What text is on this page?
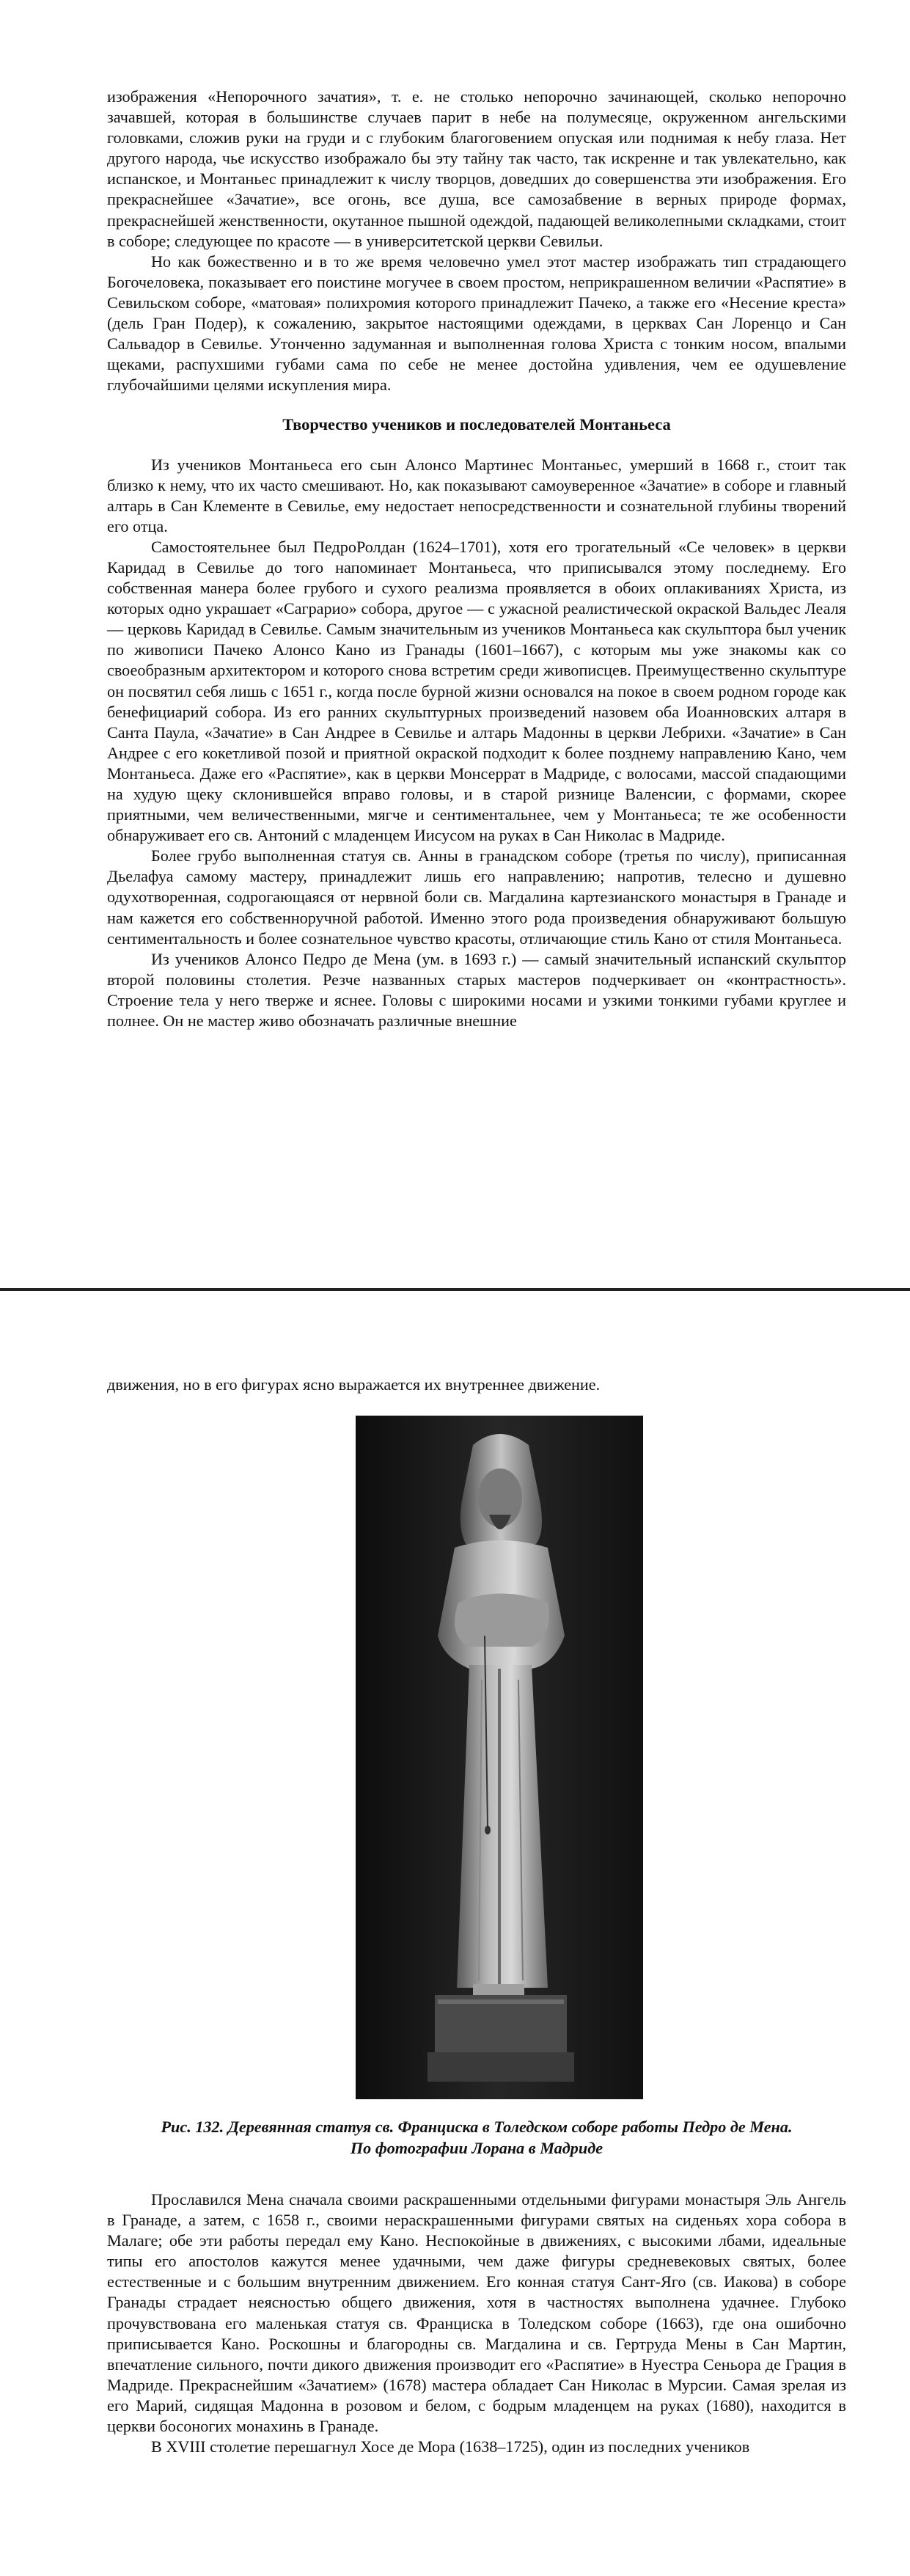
изображения «Непорочного зачатия», т. е. не столько непорочно зачинающей, сколько непорочно зачавшей, которая в большинстве случаев парит в небе на полумесяце, окруженном ангельскими головками, сложив руки на груди и с глубоким благоговением опуская или поднимая к небу глаза. Нет другого народа, чье искусство изображало бы эту тайну так часто, так искренне и так увлекательно, как испанское, и Монтаньес принадлежит к числу творцов, доведших до совершенства эти изображения. Его прекраснейшее «Зачатие», все огонь, все душа, все самозабвение в верных природе формах, прекраснейшей женственности, окутанное пышной одеждой, падающей великолепными складками, стоит в соборе; следующее по красоте — в университетской церкви Севильи.

Но как божественно и в то же время человечно умел этот мастер изображать тип страдающего Богочеловека, показывает его поистине могучее в своем простом, неприкрашенном величии «Распятие» в Севильском соборе, «матовая» полихромия которого принадлежит Пачеко, а также его «Несение креста» (дель Гран Подер), к сожалению, закрытое настоящими одеждами, в церквах Сан Лоренцо и Сан Сальвадор в Севилье. Утонченно задуманная и выполненная голова Христа с тонким носом, впалыми щеками, распухшими губами сама по себе не менее достойна удивления, чем ее одушевление глубочайшими целями искупления мира.

Творчество учеников и последователей Монтаньеса

Из учеников Монтаньеса его сын Алонсо Мартинес Монтаньес, умерший в 1668 г., стоит так близко к нему, что их часто смешивают. Но, как показывают самоуверенное «Зачатие» в соборе и главный алтарь в Сан Клементе в Севилье, ему недостает непосредственности и сознательной глубины творений его отца.

Самостоятельнее был ПедроРолдан (1624–1701), хотя его трогательный «Се человек» в церкви Каридад в Севилье до того напоминает Монтаньеса, что приписывался этому последнему. Его собственная манера более грубого и сухого реализма проявляется в обоих оплакиваниях Христа, из которых одно украшает «Саграрио» собора, другое — с ужасной реалистической окраской Вальдес Леаля — церковь Каридад в Севилье. Самым значительным из учеников Монтаньеса как скульптора был ученик по живописи Пачеко Алонсо Кано из Гранады (1601–1667), с которым мы уже знакомы как со своеобразным архитектором и которого снова встретим среди живописцев. Преимущественно скульптуре он посвятил себя лишь с 1651 г., когда после бурной жизни основался на покое в своем родном городе как бенефициарий собора. Из его ранних скульптурных произведений назовем оба Иоанновских алтаря в Санта Паула, «Зачатие» в Сан Андрее в Севилье и алтарь Мадонны в церкви Лебрихи. «Зачатие» в Сан Андрее с его кокетливой позой и приятной окраской подходит к более позднему направлению Кано, чем Монтаньеса. Даже его «Распятие», как в церкви Монсеррат в Мадриде, с волосами, массой спадающими на худую щеку склонившейся вправо головы, и в старой ризнице Валенсии, с формами, скорее приятными, чем величественными, мягче и сентиментальнее, чем у Монтаньеса; те же особенности обнаруживает его св. Антоний с младенцем Иисусом на руках в Сан Николас в Мадриде.

Более грубо выполненная статуя св. Анны в гранадском соборе (третья по числу), приписанная Дьелафуа самому мастеру, принадлежит лишь его направлению; напротив, телесно и душевно одухотворенная, содрогающаяся от нервной боли св. Магдалина картезианского монастыря в Гранаде и нам кажется его собственноручной работой. Именно этого рода произведения обнаруживают большую сентиментальность и более сознательное чувство красоты, отличающие стиль Кано от стиля Монтаньеса.

Из учеников Алонсо Педро де Мена (ум. в 1693 г.) — самый значительный испанский скульптор второй половины столетия. Резче названных старых мастеров подчеркивает он «контрастность». Строение тела у него тверже и яснее. Головы с широкими носами и узкими тонкими губами круглее и полнее. Он не мастер живо обозначать различные внешние

движения, но в его фигурах ясно выражается их внутреннее движение.
Рис. 132. Деревянная статуя св. Франциска в Толедском соборе работы Педро де Мена.
По фотографии Лорана в Мадриде

Прославился Мена сначала своими раскрашенными отдельными фигурами монастыря Эль Ангель в Гранаде, а затем, с 1658 г., своими нераскрашенными фигурами святых на сиденьях хора собора в Малаге; обе эти работы передал ему Кано. Неспокойные в движениях, с высокими лбами, идеальные типы его апостолов кажутся менее удачными, чем даже фигуры средневековых святых, более естественные и с большим внутренним движением. Его конная статуя Сант-Яго (св. Иакова) в соборе Гранады страдает неясностью общего движения, хотя в частностях выполнена удачнее. Глубоко прочувствована его маленькая статуя св. Франциска в Толедском соборе (1663), где она ошибочно приписывается Кано. Роскошны и благородны св. Магдалина и св. Гертруда Мены в Сан Мартин, впечатление сильного, почти дикого движения производит его «Распятие» в Нуестра Сеньора де Грация в Мадриде. Прекраснейшим «Зачатием» (1678) мастера обладает Сан Николас в Мурсии. Самая зрелая из его Марий, сидящая Мадонна в розовом и белом, с бодрым младенцем на руках (1680), находится в церкви босоногих монахинь в Гранаде.

В XVIII столетие перешагнул Хосе де Мора (1638–1725), один из последних учеников
